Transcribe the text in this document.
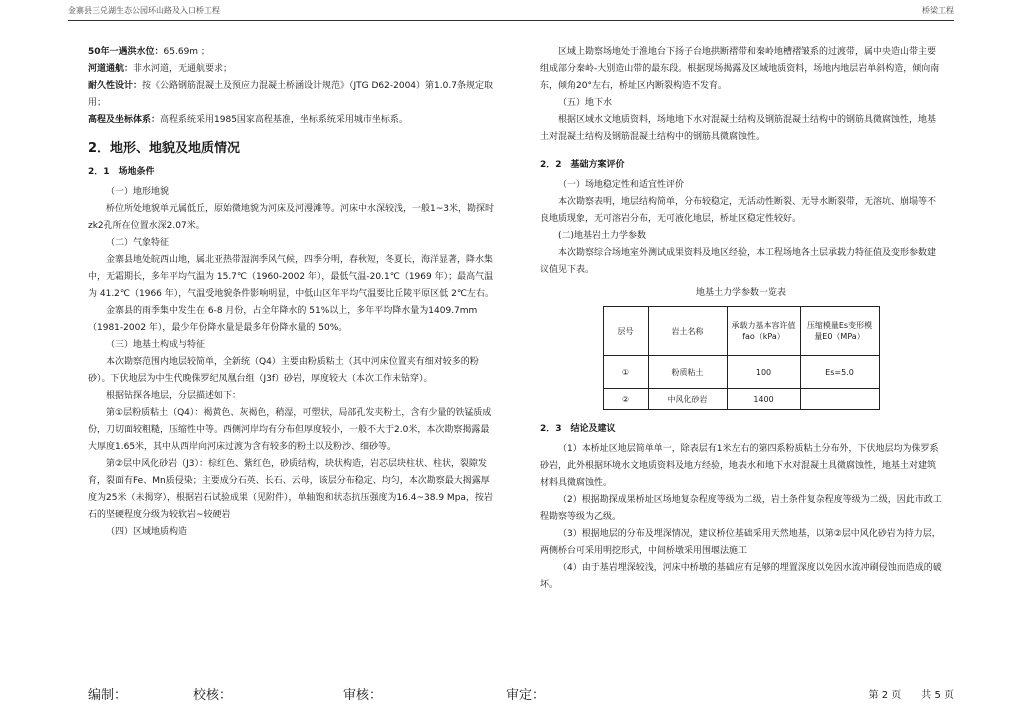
金寨县三兑湖生态公园环山路及入口桥工程	桥梁工程

50年一遇洪水位：65.69m ；

河道通航：非水河道，无通航要求；

耐久性设计：按《公路钢筋混凝土及预应力混凝土桥涵设计规范》（JTG D62-2004）第1.0.7条规定取用；

高程及坐标体系：高程系统采用1985国家高程基准，坐标系统采用城市坐标系。

2．地形、地貌及地质情况

2．1　场地条件

（一）地形地貌

桥位所处地貌单元属低丘，原始微地貌为河床及河漫滩等。河床中水深较浅，一般1~3米，勘探时zk2孔所在位置水深2.07米。

（二）气象特征

金寨县地处皖西山地，属北亚热带湿润季风气候，四季分明，春秋短，冬夏长，海洋显著，降水集中，无霜期长，多年平均气温为 15.7℃（1960-2002 年），最低气温-20.1℃（1969 年）；最高气温为 41.2℃（1966 年），气温受地貌条件影响明显，中低山区年平均气温要比丘陵平原区低 2℃左右。

金寨县的雨季集中发生在 6-8 月份，占全年降水的 51%以上，多年平均降水量为1409.7mm（1981-2002 年），最少年份降水量是最多年份降水量的 50%。

（三）地基土构成与特征

本次勘察范围内地层较简单，全新统（Q4）主要由粉质粘土（其中河床位置夹有细对较多的粉砂）。下伏地层为中生代晚侏罗纪凤凰台组（J3f）砂岩，厚度较大（本次工作未钻穿）。

根据钻探各地层，分层描述如下：

第①层粉质粘土（Q4）：褐黄色、灰褐色，稍湿，可塑状，局部孔发夹粉土，含有少量的铁锰质成份，刀切面较粗糙，压缩性中等。西侧河岸均有分布但厚度较小，一般不大于2.0米，本次勘察揭露最大厚度1.65米，其中从西岸向河床过渡为含有较多的粉土以及粉沙、细砂等。

第②层中风化砂岩（J3）：棕红色、紫红色，砂质结构，块状构造，岩芯层块柱状、柱状，裂隙发育，裂面有Fe、Mn质侵染；主要成分石英、长石、云母，该层分布稳定、均匀，本次勘察最大揭露厚度为25米（未揭穿），根据岩石试验成果（见附件），单轴饱和状态抗压强度为16.4~38.9 Mpa，按岩石的坚硬程度分级为较软岩~较硬岩

（四）区域地质构造

区域上勘察场地处于淮地台下扬子台地拱断褶带和秦岭地槽褶皱系的过渡带，属中央造山带主要组成部分秦岭-大别造山带的最东段。根据现场揭露及区域地质资料，场地内地层岩单斜构造，倾向南东，倾角20°左右，桥址区内断裂构造不发育。

（五）地下水

根据区域水文地质资料，场地地下水对混凝土结构及钢筋混凝土结构中的钢筋具微腐蚀性，地基土对混凝土结构及钢筋混凝土结构中的钢筋具微腐蚀性。

2．2　基础方案评价

（一）场地稳定性和适宜性评价

本次勘察表明，地层结构简单，分布较稳定，无活动性断裂、无导水断裂带，无溶坑、崩塌等不良地质现象，无可溶岩分布，无可液化地层，桥址区稳定性较好。

(二)地基岩土力学参数

本次勘察综合场地室外测试成果资料及地区经验，本工程场地各土层承载力特征值及变形参数建议值见下表。

地基土力学参数一览表

层号	岩土名称	承载力基本容许值fao（kPa）	压缩模量Es变形模量E0（MPa）
①	粉质粘土	100	Es=5.0
②	中风化砂岩	1400	

2．3　结论及建议

（1）本桥址区地层简单单一，除表层有1米左右的第四系粉质粘土分布外，下伏地层均为侏罗系砂岩，此外根据环境水文地质资料及地方经验，地表水和地下水对混凝土具微腐蚀性，地基土对建筑材料具微腐蚀性。

（2）根据勘探成果桥址区场地复杂程度等级为二级，岩土条件复杂程度等级为二级，因此市政工程勘察等级为乙级。

（3）根据地层的分布及埋深情况，建议桥位基础采用天然地基，以第②层中风化砂岩为持力层，两侧桥台可采用明挖形式，中间桥墩采用围堰法施工

（4）由于基岩埋深较浅，河床中桥墩的基础应有足够的埋置深度以免因水流冲刷侵蚀而造成的破坏。

编制：	校核：	审核：	审定：	第 2 页　　共 5 页
